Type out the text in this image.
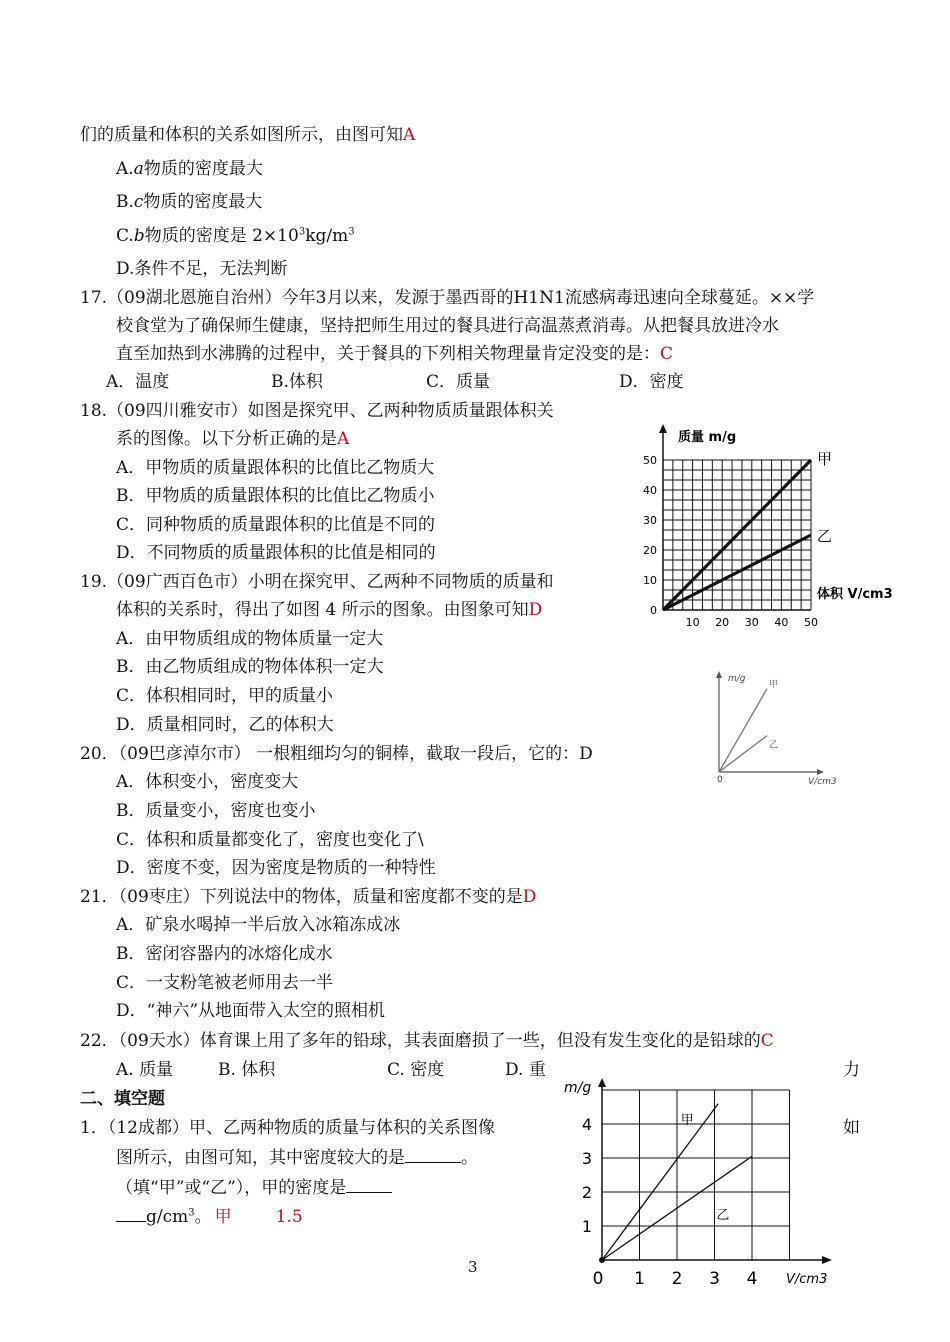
们的质量和体积的关系如图所示，由图可知A
A.a物质的密度最大
B.c物质的密度最大
C.b物质的密度是 $2\times 10^3kg/m^3$
D.条件不足，无法判断
17.（09湖北恩施自治州）今年3月以来，发源于墨西哥的H1N1流感病毒迅速向全球蔓延。××学
校食堂为了确保师生健康，坚持把师生用过的餐具进行高温蒸煮消毒。从把餐具放进冷水
直至加热到水沸腾的过程中，关于餐具的下列相关物理量肯定没变的是：C
A．温度	B.体积	C．质量	D．密度
18.（09四川雅安市）如图是探究甲、乙两种物质质量跟体积关
系的图像。以下分析正确的是A
A．甲物质的质量跟体积的比值比乙物质大
B．甲物质的质量跟体积的比值比乙物质小
C．同种物质的质量跟体积的比值是不同的
D．不同物质的质量跟体积的比值是相同的
19.（09广西百色市）小明在探究甲、乙两种不同物质的质量和
体积的关系时，得出了如图 4 所示的图象。由图象可知D
A．由甲物质组成的物体质量一定大
B．由乙物质组成的物体体积一定大
C．体积相同时，甲的质量小
D．质量相同时，乙的体积大
20．（09巴彦淖尔市） 一根粗细均匀的铜棒，截取一段后，它的：D
A．体积变小，密度变大
B．质量变小，密度也变小
C．体积和质量都变化了，密度也变化了\
D．密度不变，因为密度是物质的一种特性
21．（09枣庄）下列说法中的物体，质量和密度都不变的是D
A．矿泉水喝掉一半后放入冰箱冻成冰
B．密闭容器内的冰熔化成水
C．一支粉笔被老师用去一半
D．“神六”从地面带入太空的照相机
22．（09天水）体育课上用了多年的铅球，其表面磨损了一些，但没有发生变化的是铅球的C
A. 质量	B. 体积	C. 密度	D. 重	力
二、填空题
1．（12成都）甲、乙两种物质的质量与体积的关系图像	如
图所示，由图可知，其中密度较大的是	。
（填“甲”或“乙”），甲的密度是
$g/cm^3$。 甲	1.5
3
质量 m/g
0
10
20
30
40
50
10 20 30 40 50
甲
乙
体积 V/cm3
m/g
0	V/cm3
甲
乙
m/g
V/cm3
1
2
3
4
0 1 2 3 4
甲
乙
